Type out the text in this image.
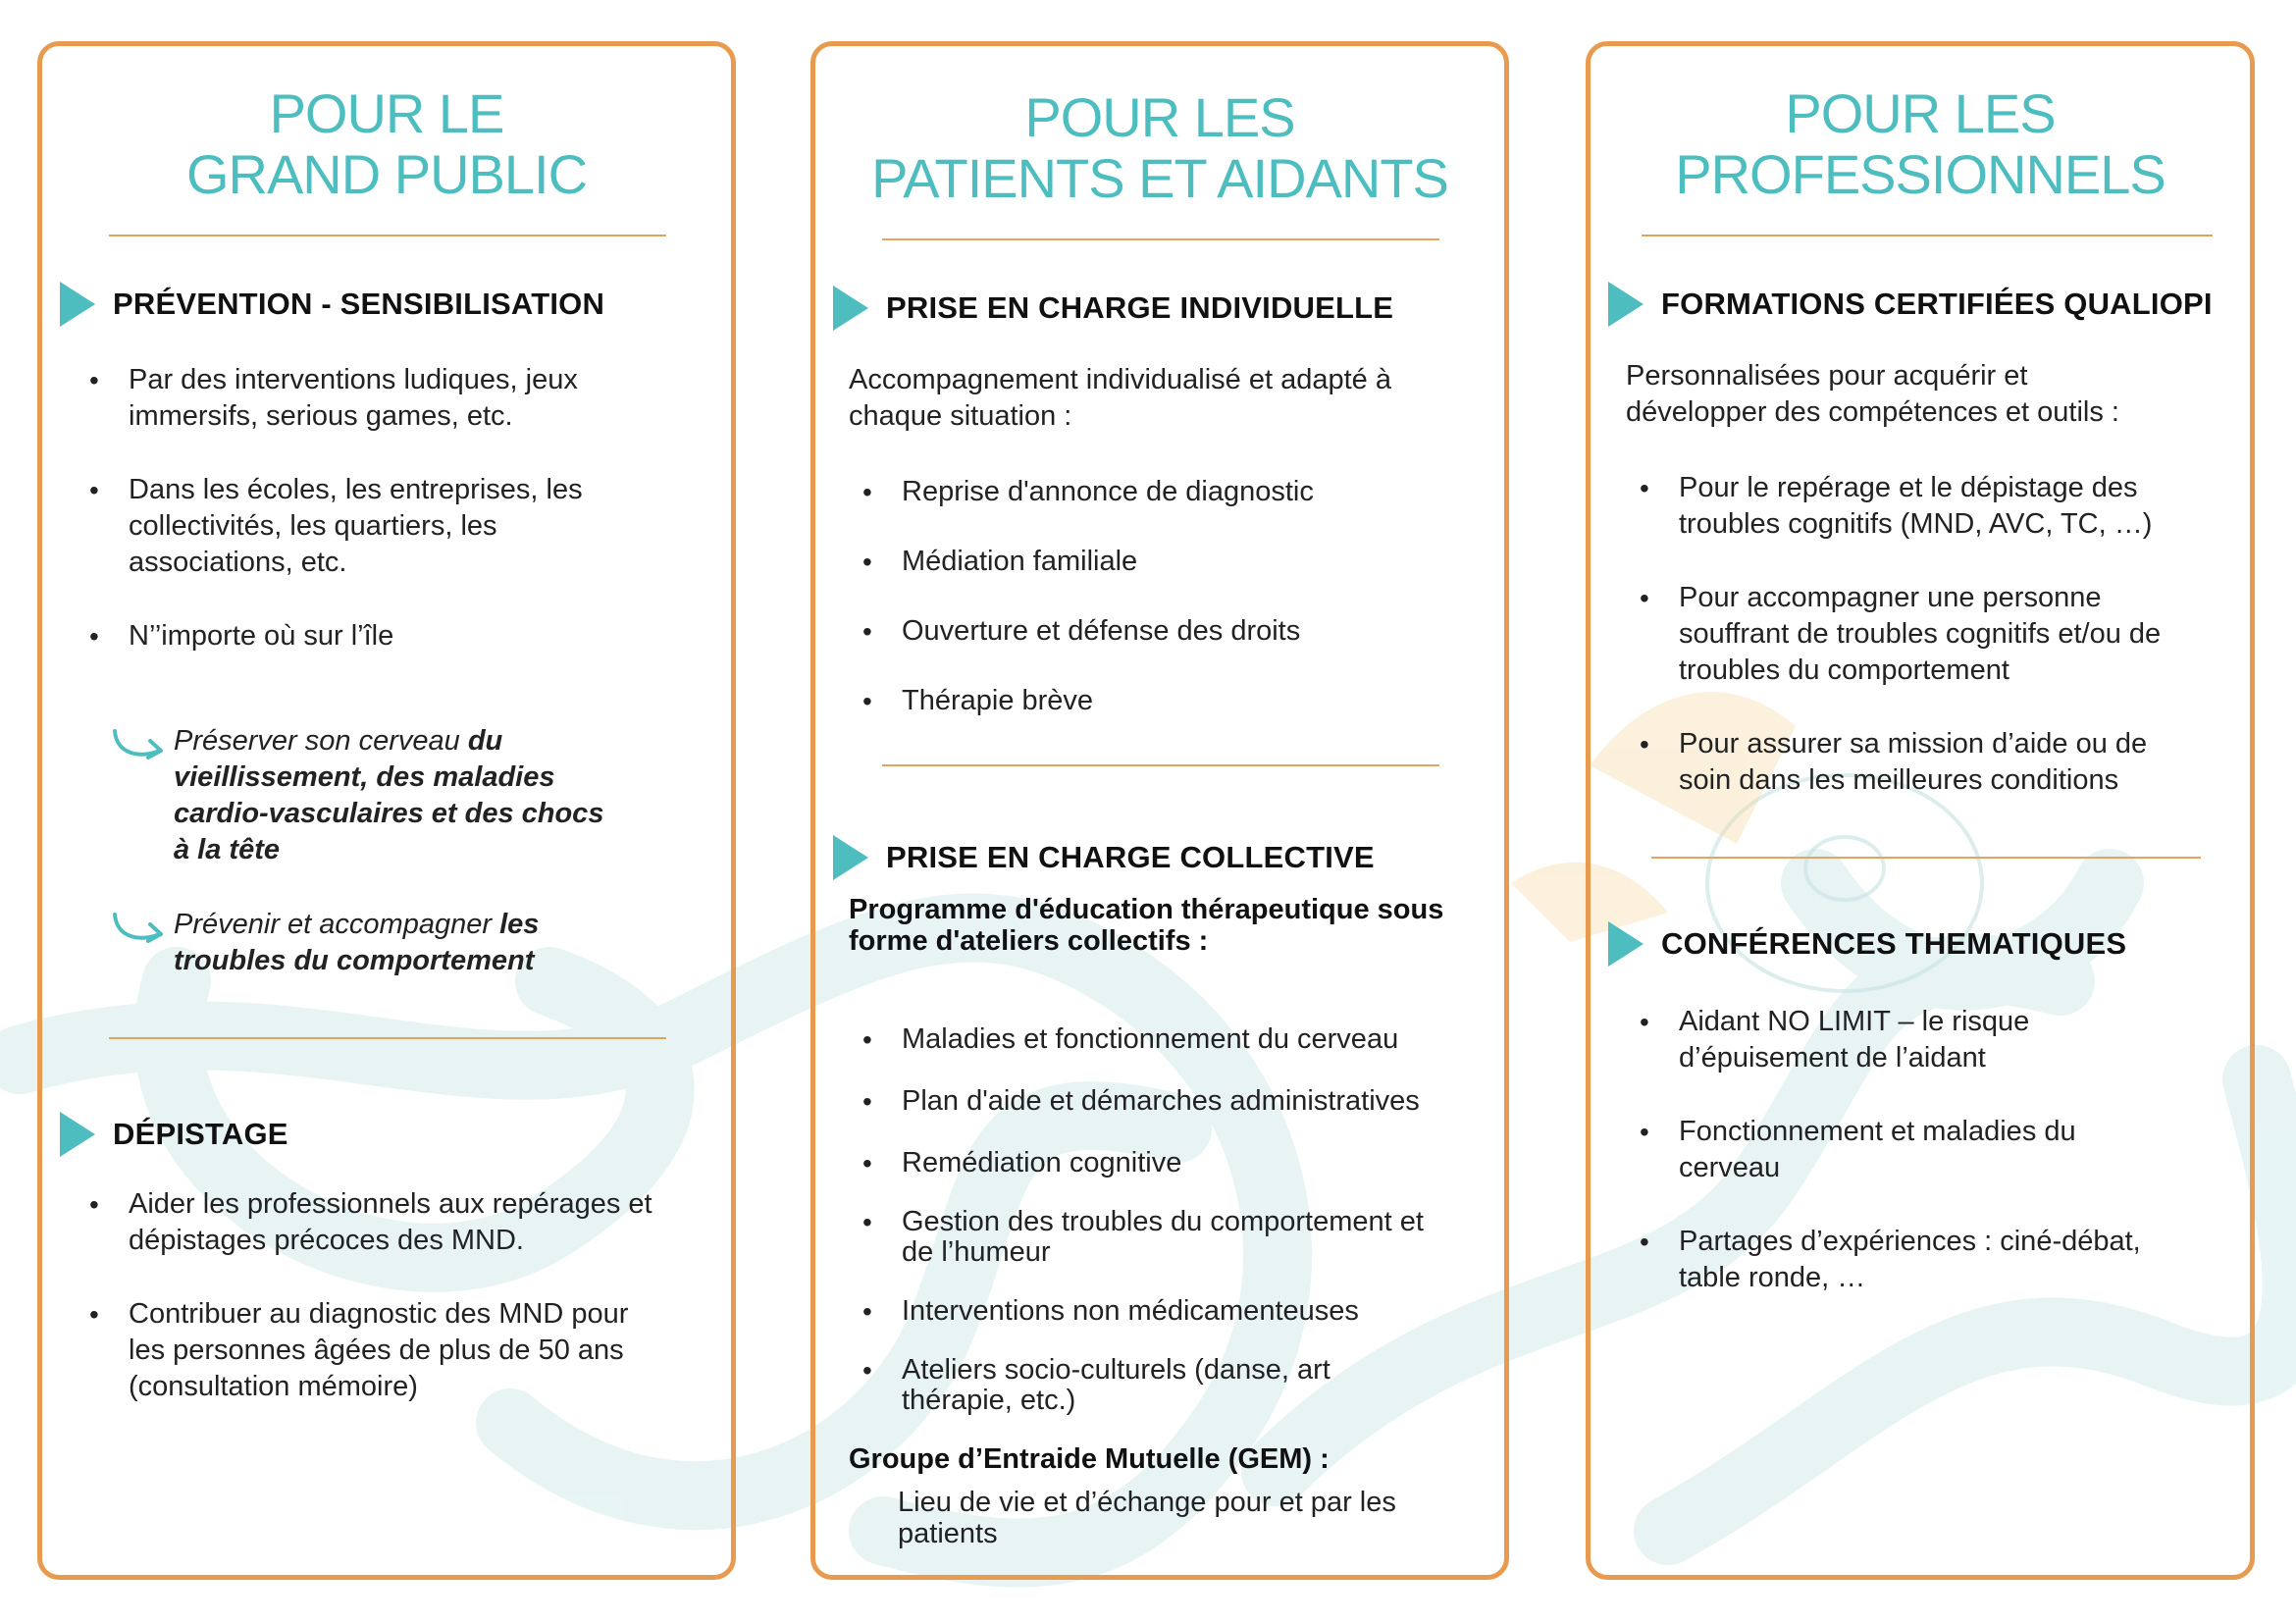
POUR LE
GRAND PUBLIC
PRÉVENTION - SENSIBILISATION
• Par des interventions ludiques, jeux
immersifs, serious games, etc.
• Dans les écoles, les entreprises, les
collectivités, les quartiers, les
associations, etc.
• N’’importe où sur l’île

Préserver son cerveau du
vieillissement, des maladies
cardio-vasculaires et des chocs
à la tête

Prévenir et accompagner les
troubles du comportement

DÉPISTAGE
• Aider les professionnels aux repérages et
dépistages précoces des MND.
• Contribuer au diagnostic des MND pour
les personnes âgées de plus de 50 ans
(consultation mémoire)
POUR LES
PATIENTS ET AIDANTS
PRISE EN CHARGE INDIVIDUELLE
Accompagnement individualisé et adapté à
chaque situation :
• Reprise d'annonce de diagnostic
• Médiation familiale
• Ouverture et défense des droits
• Thérapie brève
PRISE EN CHARGE COLLECTIVE
Programme d'éducation thérapeutique sous
forme d'ateliers collectifs :
• Maladies et fonctionnement du cerveau
• Plan d'aide et démarches administratives
• Remédiation cognitive
• Gestion des troubles du comportement et
de l’humeur
• Interventions non médicamenteuses
• Ateliers socio-culturels (danse, art
thérapie, etc.)
Groupe d’Entraide Mutuelle (GEM) :
Lieu de vie et d’échange pour et par les
patients
POUR LES
PROFESSIONNELS
FORMATIONS CERTIFIÉES QUALIOPI
Personnalisées pour acquérir et
développer des compétences et outils :
• Pour le repérage et le dépistage des
troubles cognitifs (MND, AVC, TC, …)
• Pour accompagner une personne
souffrant de troubles cognitifs et/ou de
troubles du comportement
• Pour assurer sa mission d’aide ou de
soin dans les meilleures conditions
CONFÉRENCES THEMATIQUES
• Aidant NO LIMIT – le risque
d’épuisement de l’aidant
• Fonctionnement et maladies du
cerveau
• Partages d’expériences : ciné-débat,
table ronde, …
